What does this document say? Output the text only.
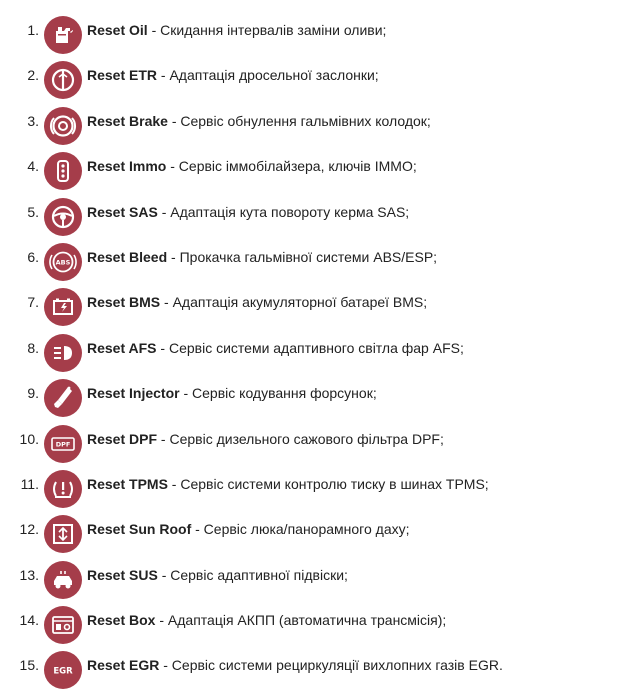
1.	Reset Oil - Скидання інтервалів заміни оливи;
2.	Reset ETR - Адаптація дросельної заслонки;
3.	Reset Brake - Сервіс обнулення гальмівних колодок;
4.	Reset Immo - Сервіс іммобілайзера, ключів IMMO;
5.	Reset SAS - Адаптація кута повороту керма SAS;
6.	ABS Reset Bleed - Прокачка гальмівної системи ABS/ESP;
7.	Reset BMS - Адаптація акумуляторної батареї BMS;
8.	Reset AFS - Сервіс системи адаптивного світла фар AFS;
9.	Reset Injector - Сервіс кодування форсунок;
10.	DPF Reset DPF - Сервіс дизельного сажового фільтра DPF;
11.	Reset TPMS - Сервіс системи контролю тиску в шинах TPMS;
12.	Reset Sun Roof - Сервіс люка/панорамного даху;
13.	Reset SUS - Сервіс адаптивної підвіски;
14.	Reset Box - Адаптація АКПП (автоматична трансмісія);
15. EGR Reset EGR - Сервіс системи рециркуляції вихлопних газів EGR.
